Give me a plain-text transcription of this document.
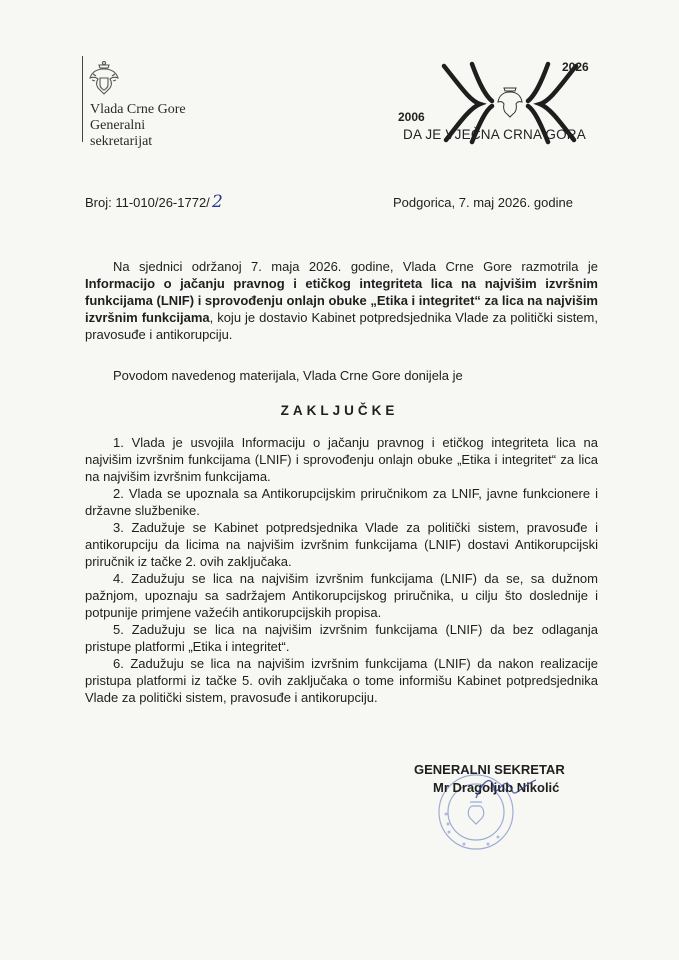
Vlada Crne Gore
Generalni
sekretarijat
2006
2026
DA JE VJEČNA CRNA GORA
Broj: 11-010/26-1772/ 2	Podgorica, 7. maj 2026. godine
Na sjednici održanoj 7. maja 2026. godine, Vlada Crne Gore razmotrila je Informacijo o jačanju pravnog i etičkog integriteta lica na najvišim izvršnim funkcijama (LNIF) i sprovođenju onlajn obuke „Etika i integritet“ za lica na najvišim izvršnim funkcijama, koju je dostavio Kabinet potpredsjednika Vlade za politički sistem, pravosuđe i antikorupciju.
Povodom navedenog materijala, Vlada Crne Gore donijela je
ZAKLJUČKE
1. Vlada je usvojila Informaciju o jačanju pravnog i etičkog integriteta lica na najvišim izvršnim funkcijama (LNIF) i sprovođenju onlajn obuke „Etika i integritet“ za lica na najvišim izvršnim funkcijama.
2. Vlada se upoznala sa Antikorupcijskim priručnikom za LNIF, javne funkcionere i državne službenike.
3. Zadužuje se Kabinet potpredsjednika Vlade za politički sistem, pravosuđe i antikorupciju da licima na najvišim izvršnim funkcijama (LNIF) dostavi Antikorupcijski priručnik iz tačke 2. ovih zaključaka.
4. Zadužuju se lica na najvišim izvršnim funkcijama (LNIF) da se, sa dužnom pažnjom, upoznaju sa sadržajem Antikorupcijskog priručnika, u cilju što doslednije i potpunije primjene važećih antikorupcijskih propisa.
5. Zadužuju se lica na najvišim izvršnim funkcijama (LNIF) da bez odlaganja pristupe platformi „Etika i integritet“.
6. Zadužuju se lica na najvišim izvršnim funkcijama (LNIF) da nakon realizacije pristupa platformi iz tačke 5. ovih zaključaka o tome informišu Kabinet potpredsjednika Vlade za politički sistem, pravosuđe i antikorupciju.
GENERALNI SEKRETAR
Mr Dragoljub Nikolić
